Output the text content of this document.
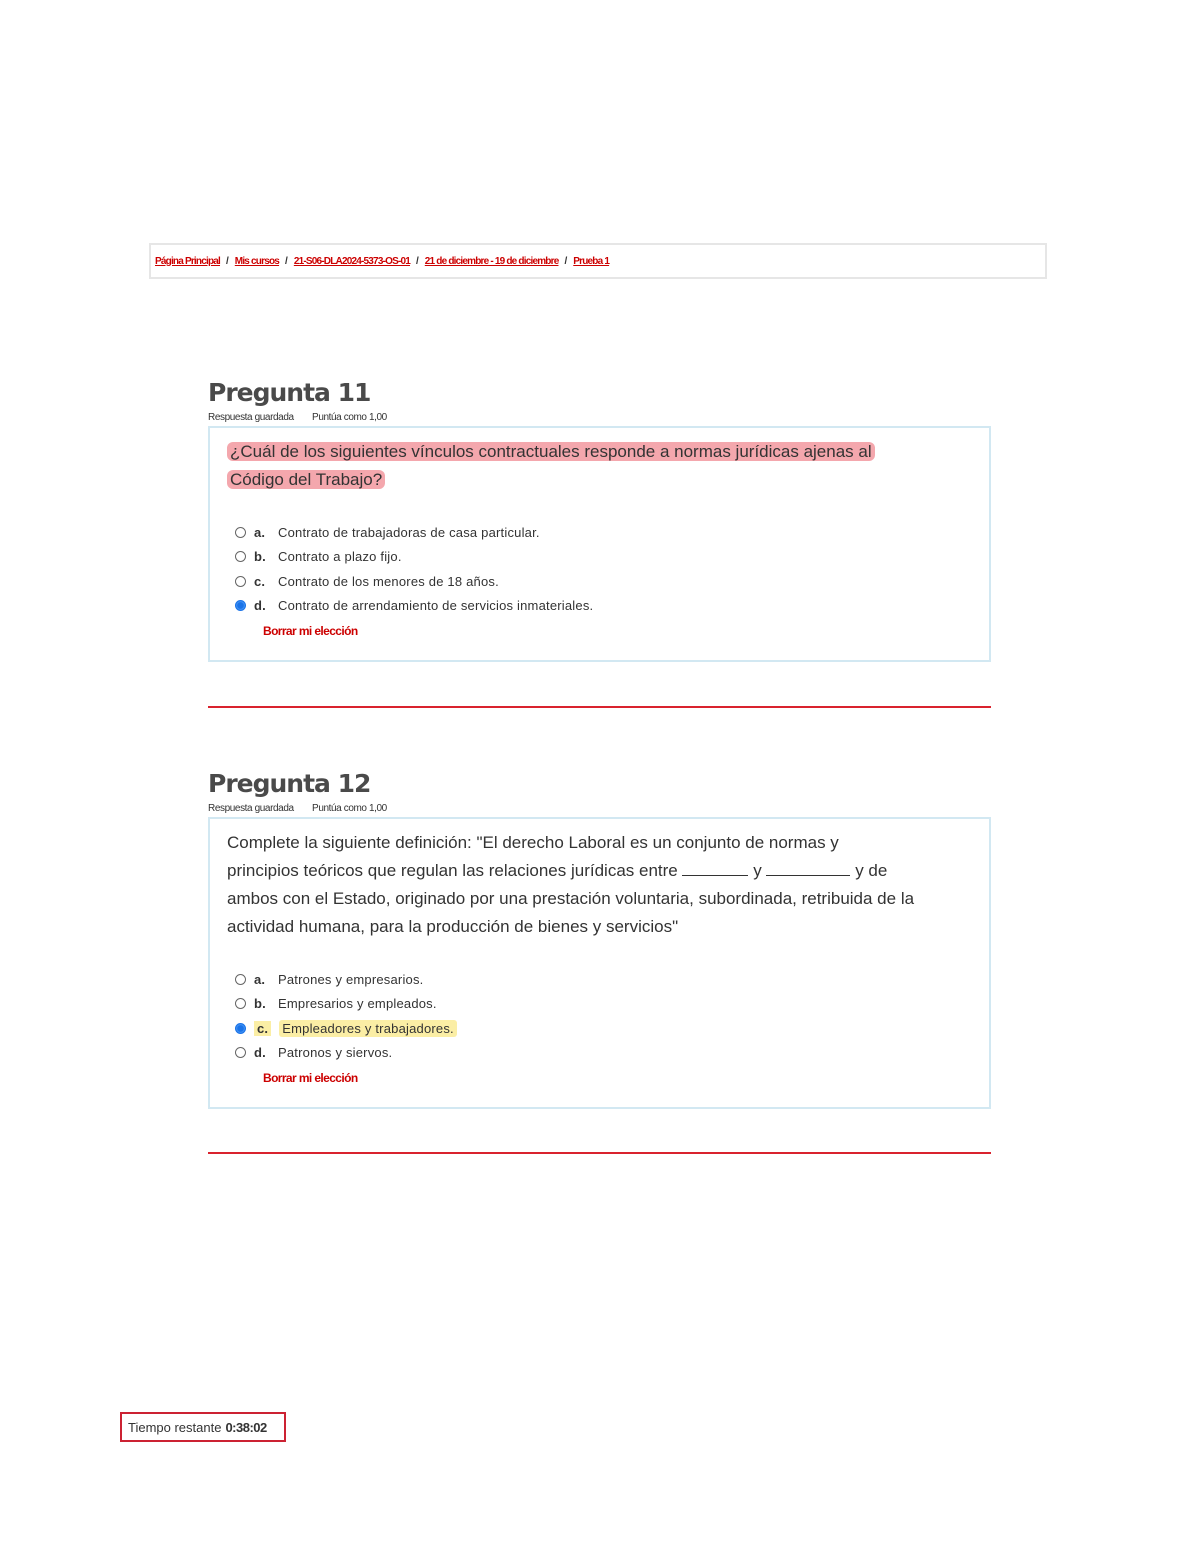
Página Principal / Mis cursos / 21-S06-DLA2024-5373-OS-01 / 21 de diciembre - 19 de diciembre / Prueba 1
Pregunta 11
Respuesta guardada Puntúa como 1,00
¿Cuál de los siguientes vínculos contractuales responde a normas jurídicas ajenas al
Código del Trabajo?
a. Contrato de trabajadoras de casa particular.
b. Contrato a plazo fijo.
c. Contrato de los menores de 18 años.
d. Contrato de arrendamiento de servicios inmateriales.
Borrar mi elección
Pregunta 12
Respuesta guardada Puntúa como 1,00
Complete la siguiente definición: "El derecho Laboral es un conjunto de normas y
principios teóricos que regulan las relaciones jurídicas entre	y	y de
ambos con el Estado, originado por una prestación voluntaria, subordinada, retribuida de la
actividad humana, para la producción de bienes y servicios"
a. Patrones y empresarios.
b. Empresarios y empleados.
c. Empleadores y trabajadores.
d. Patronos y siervos.
Borrar mi elección
Tiempo restante 0:38:02
